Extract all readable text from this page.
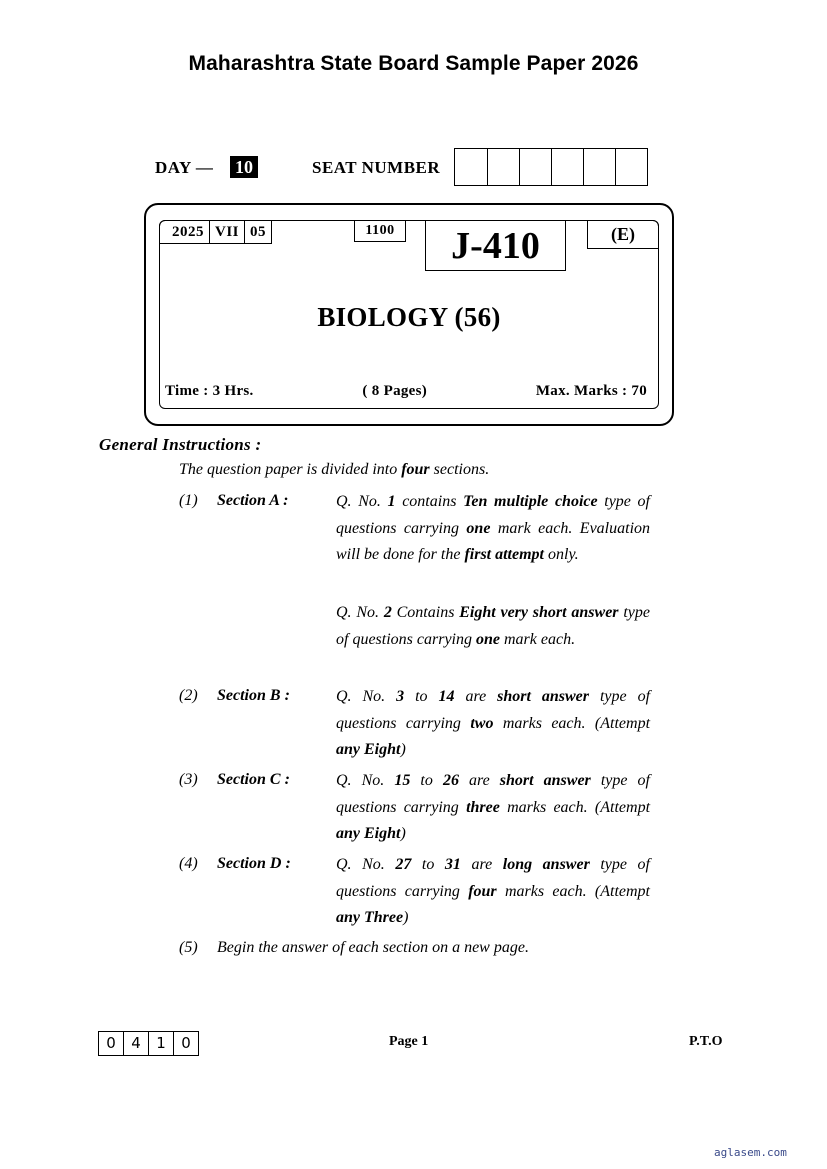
Maharashtra State Board Sample Paper 2026
DAY — 10	SEAT NUMBER
2025 VII 05	1100	J-410	(E)
BIOLOGY (56)
Time : 3 Hrs.	( 8 Pages)	Max. Marks : 70
General Instructions :
The question paper is divided into four sections.
(1) Section A :	Q. No. 1 contains Ten multiple choice type of questions carrying one mark each. Evaluation will be done for the first attempt only.
Q. No. 2 Contains Eight very short answer type of questions carrying one mark each.
(2) Section B :	Q. No. 3 to 14 are short answer type of questions carrying two marks each. (Attempt any Eight)
(3) Section C :	Q. No. 15 to 26 are short answer type of questions carrying three marks each. (Attempt any Eight)
(4) Section D :	Q. No. 27 to 31 are long answer type of questions carrying four marks each. (Attempt any Three)
(5) Begin the answer of each section on a new page.
0	4	1	0	Page 1	P.T.O
aglasem.com
